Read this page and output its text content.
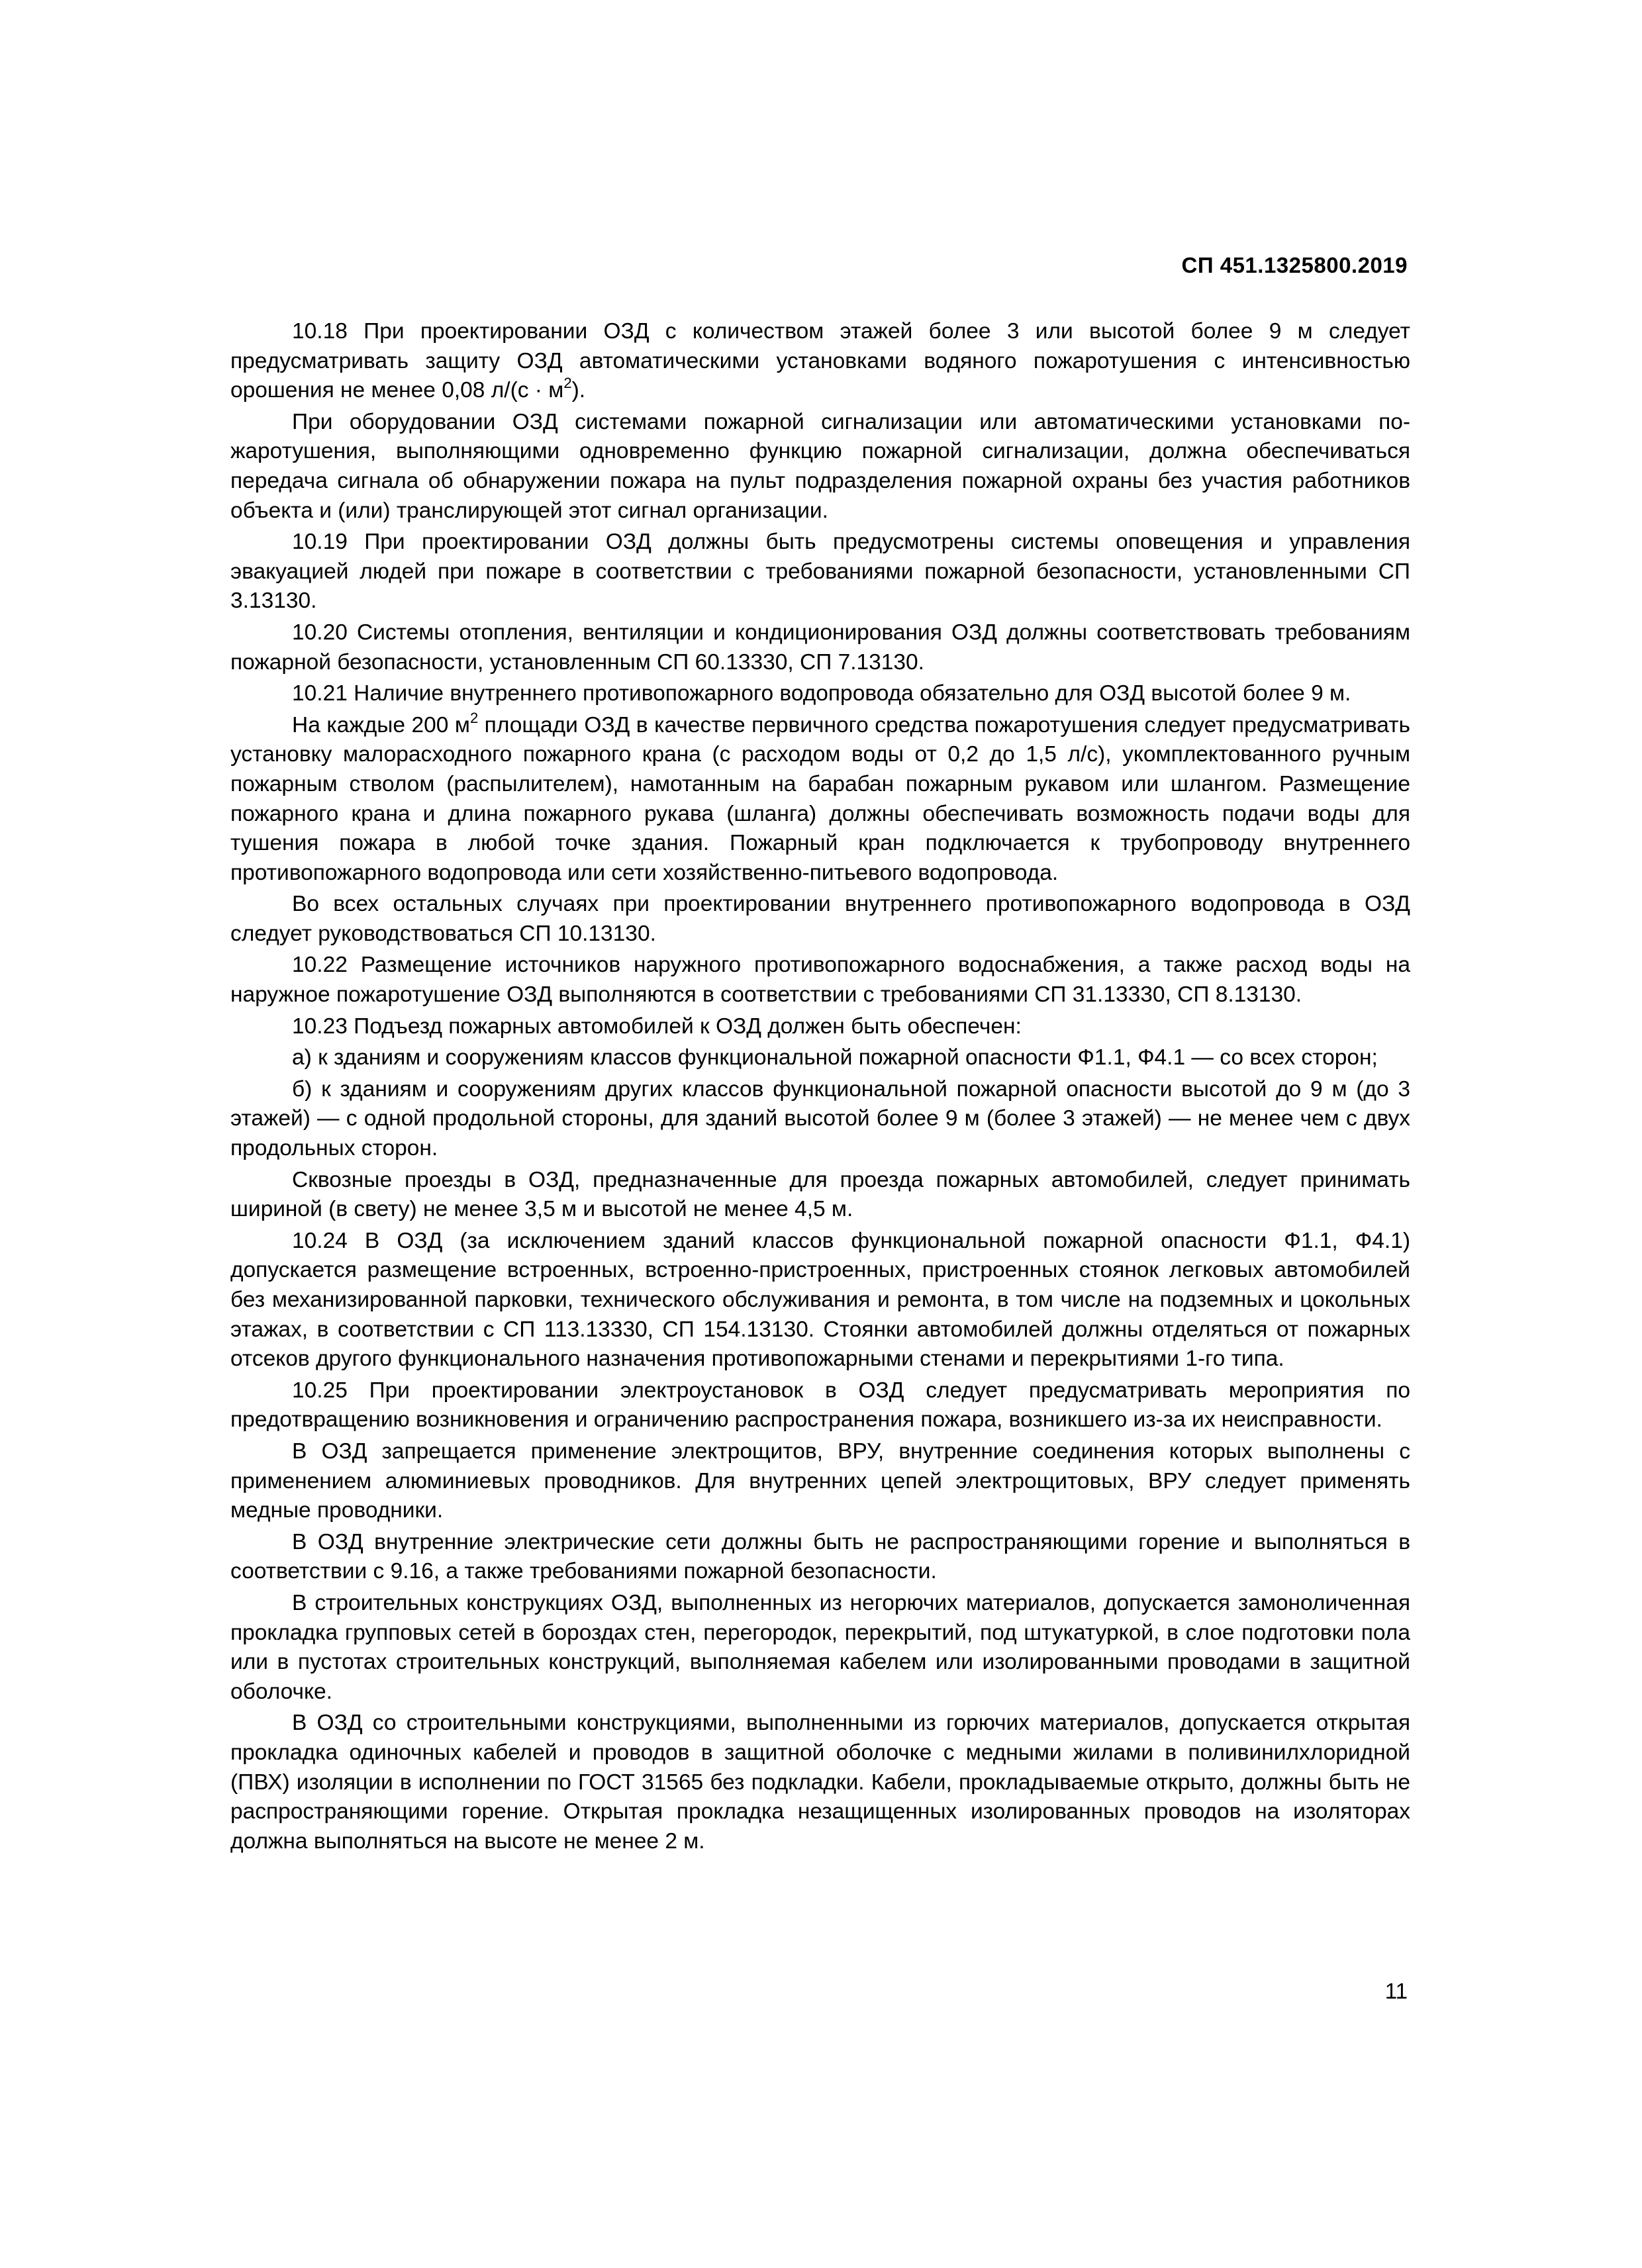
СП 451.1325800.2019

10.18 При проектировании ОЗД с количеством этажей более 3 или высотой более 9 м следует предусматривать защиту ОЗД автоматическими установками водяного пожаротушения с интенсивностью орошения не менее 0,08 $л/(с \cdot м^2)$.

При оборудовании ОЗД системами пожарной сигнализации или автоматическими установками пожаротушения, выполняющими одновременно функцию пожарной сигнализации, должна обеспечиваться передача сигнала об обнаружении пожара на пульт подразделения пожарной охраны без участия работников объекта и (или) транслирующей этот сигнал организации.

10.19 При проектировании ОЗД должны быть предусмотрены системы оповещения и управления эвакуацией людей при пожаре в соответствии с требованиями пожарной безопасности, установленными СП 3.13130.

10.20 Системы отопления, вентиляции и кондиционирования ОЗД должны соответствовать требованиям пожарной безопасности, установленным СП 60.13330, СП 7.13130.

10.21 Наличие внутреннего противопожарного водопровода обязательно для ОЗД высотой более 9 м.

На каждые 200 $м^2$ площади ОЗД в качестве первичного средства пожаротушения следует предусматривать установку малорасходного пожарного крана (с расходом воды от 0,2 до 1,5 л/с), укомплектованного ручным пожарным стволом (распылителем), намотанным на барабан пожарным рукавом или шлангом. Размещение пожарного крана и длина пожарного рукава (шланга) должны обеспечивать возможность подачи воды для тушения пожара в любой точке здания. Пожарный кран подключается к трубопроводу внутреннего противопожарного водопровода или сети хозяйственно-питьевого водопровода.

Во всех остальных случаях при проектировании внутреннего противопожарного водопровода в ОЗД следует руководствоваться СП 10.13130.

10.22 Размещение источников наружного противопожарного водоснабжения, а также расход воды на наружное пожаротушение ОЗД выполняются в соответствии с требованиями СП 31.13330, СП 8.13130.

10.23 Подъезд пожарных автомобилей к ОЗД должен быть обеспечен:

а) к зданиям и сооружениям классов функциональной пожарной опасности Ф1.1, Ф4.1 — со всех сторон;

б) к зданиям и сооружениям других классов функциональной пожарной опасности высотой до 9 м (до 3 этажей) — с одной продольной стороны, для зданий высотой более 9 м (более 3 этажей) — не менее чем с двух продольных сторон.

Сквозные проезды в ОЗД, предназначенные для проезда пожарных автомобилей, следует принимать шириной (в свету) не менее 3,5 м и высотой не менее 4,5 м.

10.24 В ОЗД (за исключением зданий классов функциональной пожарной опасности Ф1.1, Ф4.1) допускается размещение встроенных, встроенно-пристроенных, пристроенных стоянок легковых автомобилей без механизированной парковки, технического обслуживания и ремонта, в том числе на подземных и цокольных этажах, в соответствии с СП 113.13330, СП 154.13130. Стоянки автомобилей должны отделяться от пожарных отсеков другого функционального назначения противопожарными стенами и перекрытиями 1-го типа.

10.25 При проектировании электроустановок в ОЗД следует предусматривать мероприятия по предотвращению возникновения и ограничению распространения пожара, возникшего из-за их неисправности.

В ОЗД запрещается применение электрощитов, ВРУ, внутренние соединения которых выполнены с применением алюминиевых проводников. Для внутренних цепей электрощитовых, ВРУ следует применять медные проводники.

В ОЗД внутренние электрические сети должны быть не распространяющими горение и выполняться в соответствии с 9.16, а также требованиями пожарной безопасности.

В строительных конструкциях ОЗД, выполненных из негорючих материалов, допускается замоноличенная прокладка групповых сетей в бороздах стен, перегородок, перекрытий, под штукатуркой, в слое подготовки пола или в пустотах строительных конструкций, выполняемая кабелем или изолированными проводами в защитной оболочке.

В ОЗД со строительными конструкциями, выполненными из горючих материалов, допускается открытая прокладка одиночных кабелей и проводов в защитной оболочке с медными жилами в поливинилхлоридной (ПВХ) изоляции в исполнении по ГОСТ 31565 без подкладки. Кабели, прокладываемые открыто, должны быть не распространяющими горение. Открытая прокладка незащищенных изолированных проводов на изоляторах должна выполняться на высоте не менее 2 м.

11
